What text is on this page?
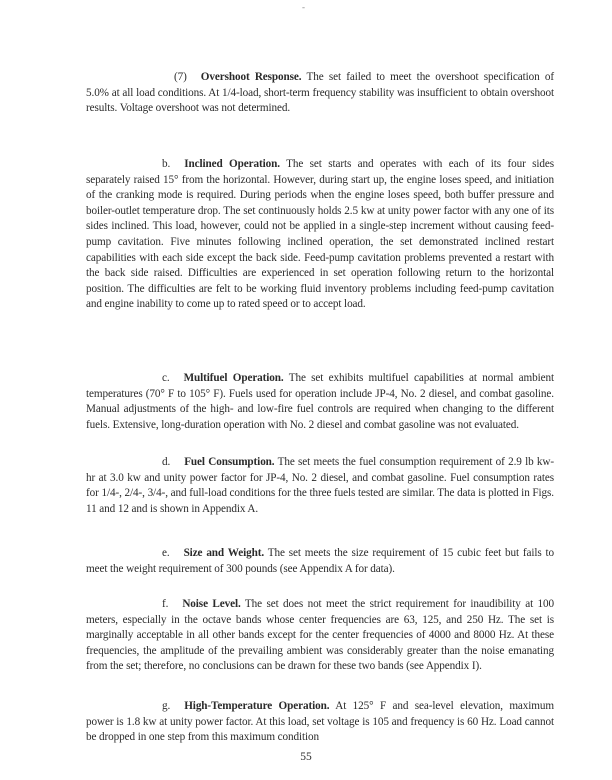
-

(7) Overshoot Response. The set failed to meet the overshoot specification of 5.0% at all load conditions. At 1/4-load, short-term frequency stability was insufficient to obtain overshoot results. Voltage overshoot was not determined.

b. Inclined Operation. The set starts and operates with each of its four sides separately raised 15° from the horizontal. However, during start up, the engine loses speed, and initiation of the cranking mode is required. During periods when the engine loses speed, both buffer pressure and boiler-outlet temperature drop. The set continuously holds 2.5 kw at unity power factor with any one of its sides inclined. This load, however, could not be applied in a single-step increment without causing feed-pump cavitation. Five minutes following inclined operation, the set demonstrated inclined restart capabilities with each side except the back side. Feed-pump cavitation problems prevented a restart with the back side raised. Difficulties are experienced in set operation following return to the horizontal position. The difficulties are felt to be working fluid inventory problems including feed-pump cavitation and engine inability to come up to rated speed or to accept load.

c. Multifuel Operation. The set exhibits multifuel capabilities at normal ambient temperatures (70° F to 105° F). Fuels used for operation include JP-4, No. 2 diesel, and combat gasoline. Manual adjustments of the high- and low-fire fuel controls are required when changing to the different fuels. Extensive, long-duration operation with No. 2 diesel and combat gasoline was not evaluated.

d. Fuel Consumption. The set meets the fuel consumption requirement of 2.9 lb kw-hr at 3.0 kw and unity power factor for JP-4, No. 2 diesel, and combat gasoline. Fuel consumption rates for 1/4-, 2/4-, 3/4-, and full-load conditions for the three fuels tested are similar. The data is plotted in Figs. 11 and 12 and is shown in Appendix A.

e. Size and Weight. The set meets the size requirement of 15 cubic feet but fails to meet the weight requirement of 300 pounds (see Appendix A for data).

f. Noise Level. The set does not meet the strict requirement for inaudibility at 100 meters, especially in the octave bands whose center frequencies are 63, 125, and 250 Hz. The set is marginally acceptable in all other bands except for the center frequencies of 4000 and 8000 Hz. At these frequencies, the amplitude of the prevailing ambient was considerably greater than the noise emanating from the set; therefore, no conclusions can be drawn for these two bands (see Appendix I).

g. High-Temperature Operation. At 125° F and sea-level elevation, maximum power is 1.8 kw at unity power factor. At this load, set voltage is 105 and frequency is 60 Hz. Load cannot be dropped in one step from this maximum condition

55
